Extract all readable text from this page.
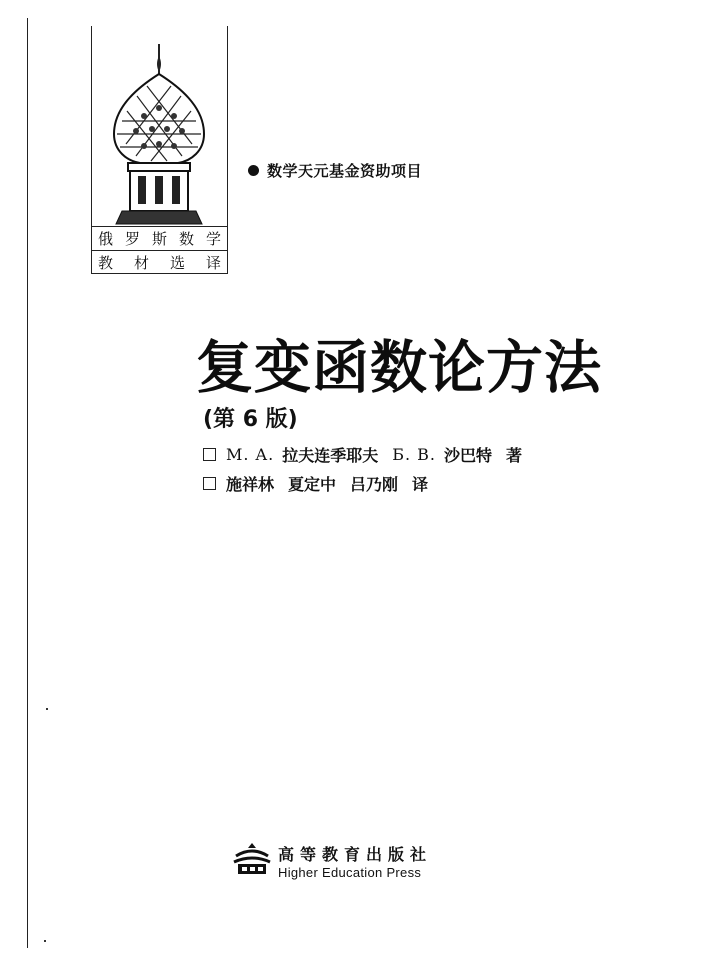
俄 罗 斯 数 学
教 材 选 译
数学天元基金资助项目
复变函数论方法
(第 6 版)
M. A. 拉夫连季耶夫 Б. В. 沙巴特 著
施祥林 夏定中 吕乃刚 译
高等教育出版社
Higher Education Press
